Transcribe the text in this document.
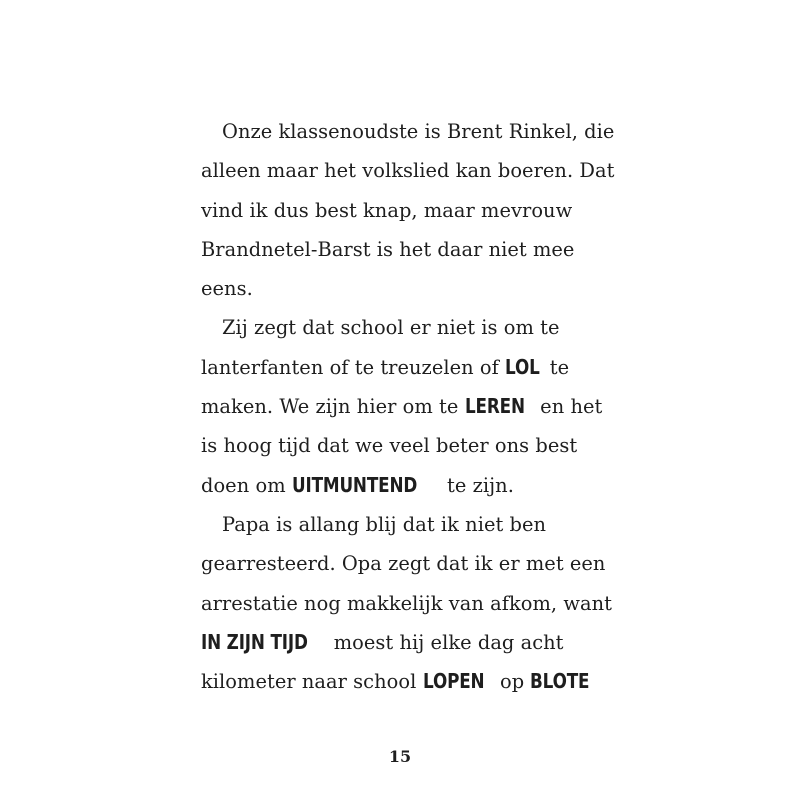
Onze klassenoudste is Brent Rinkel, die
alleen maar het volkslied kan boeren. Dat
vind ik dus best knap, maar mevrouw
Brandnetel-Barst is het daar niet mee
eens.
Zij zegt dat school er niet is om te
lanterfanten of te treuzelen of LOL te
maken. We zijn hier om te LEREN en het
is hoog tijd dat we veel beter ons best
doen om UITMUNTEND te zijn.
Papa is allang blij dat ik niet ben
gearresteerd. Opa zegt dat ik er met een
arrestatie nog makkelijk van afkom, want
IN ZIJN TIJD moest hij elke dag acht
kilometer naar school LOPEN op BLOTE
15
